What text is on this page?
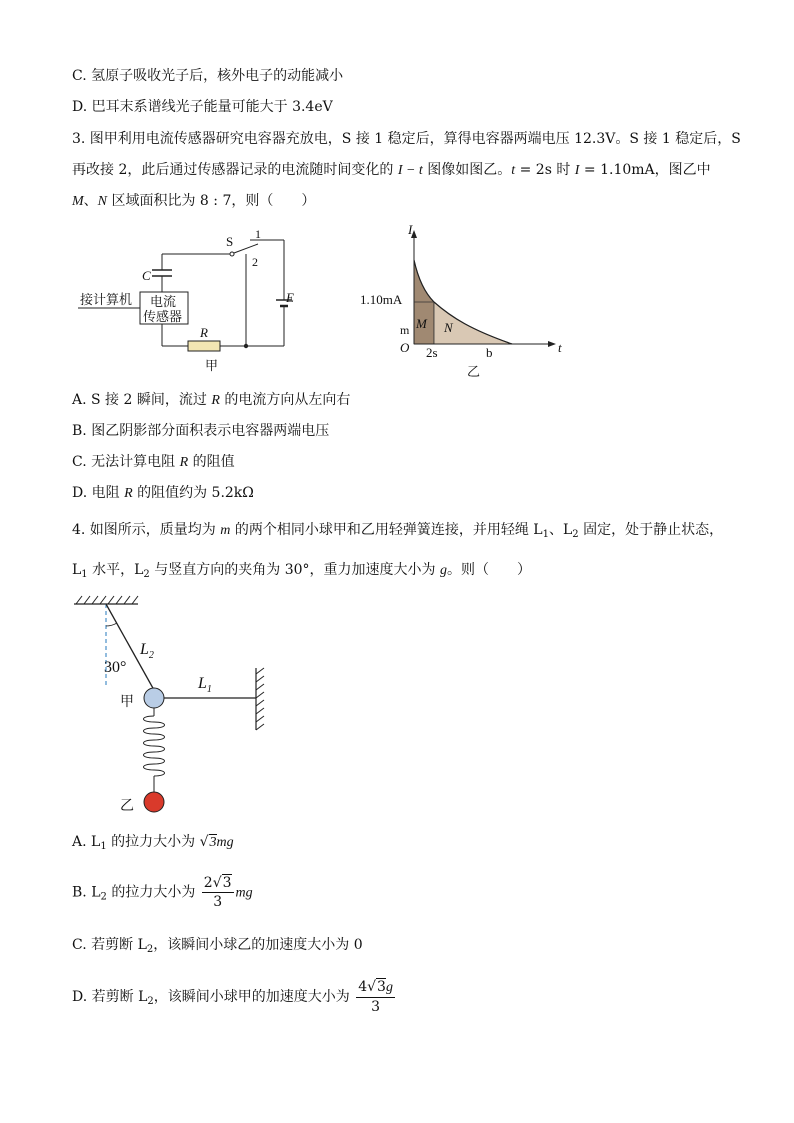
C. 氢原子吸收光子后，核外电子的动能减小
D. 巴耳末系谱线光子能量可能大于 3.4eV
3. 图甲利用电流传感器研究电容器充放电，S 接 1 稳定后，算得电容器两端电压 12.3V。S 接 1 稳定后，S
再改接 2，此后通过传感器记录的电流随时间变化的 I − t 图像如图乙。t = 2s 时 I = 1.10mA，图乙中
M、N 区域面积比为 8 : 7，则（　　）
S 1
2
C
接计算机 电流
传感器
R
E
甲
I
t
O
1.10mA
m M N
2s	b
乙
A. S 接 2 瞬间，流过 R 的电流方向从左向右
B. 图乙阴影部分面积表示电容器两端电压
C. 无法计算电阻 R 的阻值
D. 电阻 R 的阻值约为 5.2kΩ
4. 如图所示，质量均为 m 的两个相同小球甲和乙用轻弹簧连接，并用轻绳 $L_1$、$L_2$ 固定，处于静止状态，
$L_1$ 水平，$L_2$ 与竖直方向的夹角为 30°，重力加速度大小为 g。则（　　）
30°
$L_2$
$L_1$
甲
乙
A. $L_1$ 的拉力大小为 √3mg
B. $L_2$ 的拉力大小为 $\frac{2√3}{3}$ mg
C. 若剪断 $L_2$，该瞬间小球乙的加速度大小为 0
D. 若剪断 $L_2$，该瞬间小球甲的加速度大小为 $\frac{4√3g}{3}$
